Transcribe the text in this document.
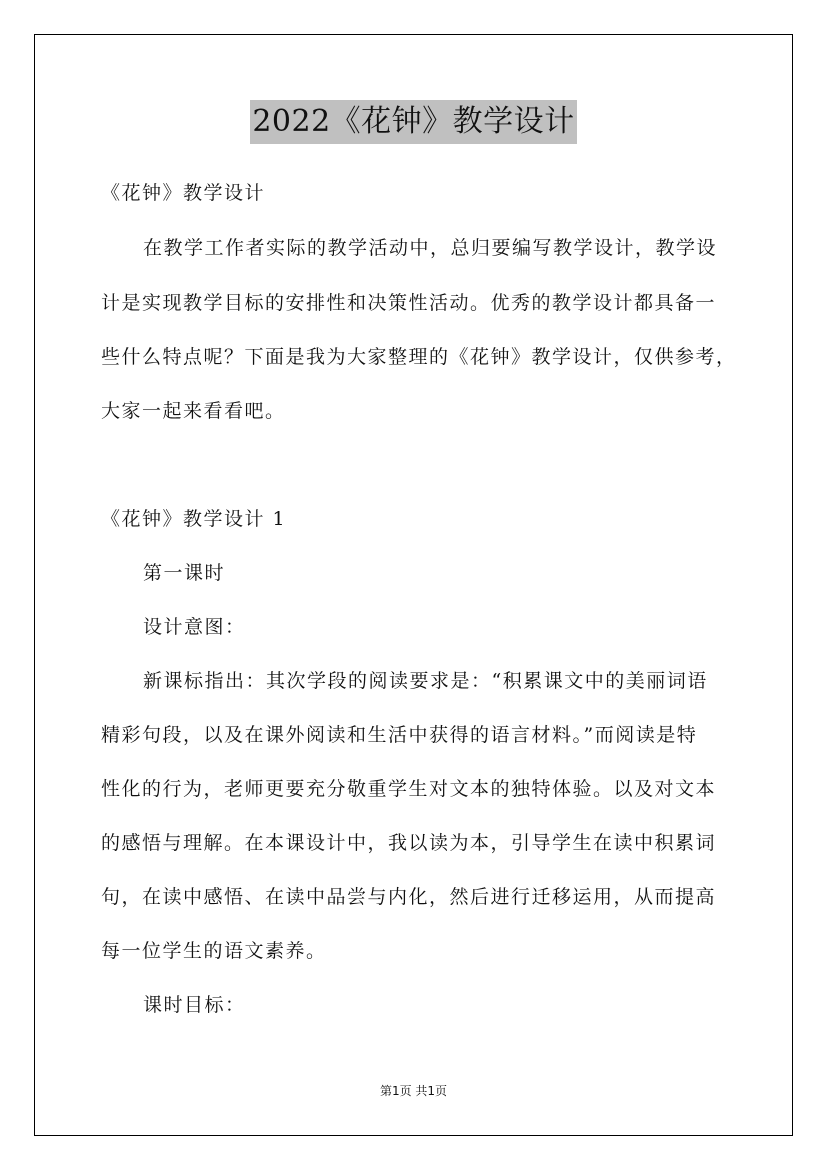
2022《花钟》教学设计
《花钟》教学设计
在教学工作者实际的教学活动中，总归要编写教学设计，教学设
计是实现教学目标的安排性和决策性活动。优秀的教学设计都具备一
些什么特点呢？下面是我为大家整理的《花钟》教学设计，仅供参考，
大家一起来看看吧。
《花钟》教学设计 1
第一课时
设计意图：
新课标指出：其次学段的阅读要求是：“积累课文中的美丽词语
精彩句段，以及在课外阅读和生活中获得的语言材料。”而阅读是特
性化的行为，老师更要充分敬重学生对文本的独特体验。以及对文本
的感悟与理解。在本课设计中，我以读为本，引导学生在读中积累词
句，在读中感悟、在读中品尝与内化，然后进行迁移运用，从而提高
每一位学生的语文素养。
课时目标：
第1页 共1页
